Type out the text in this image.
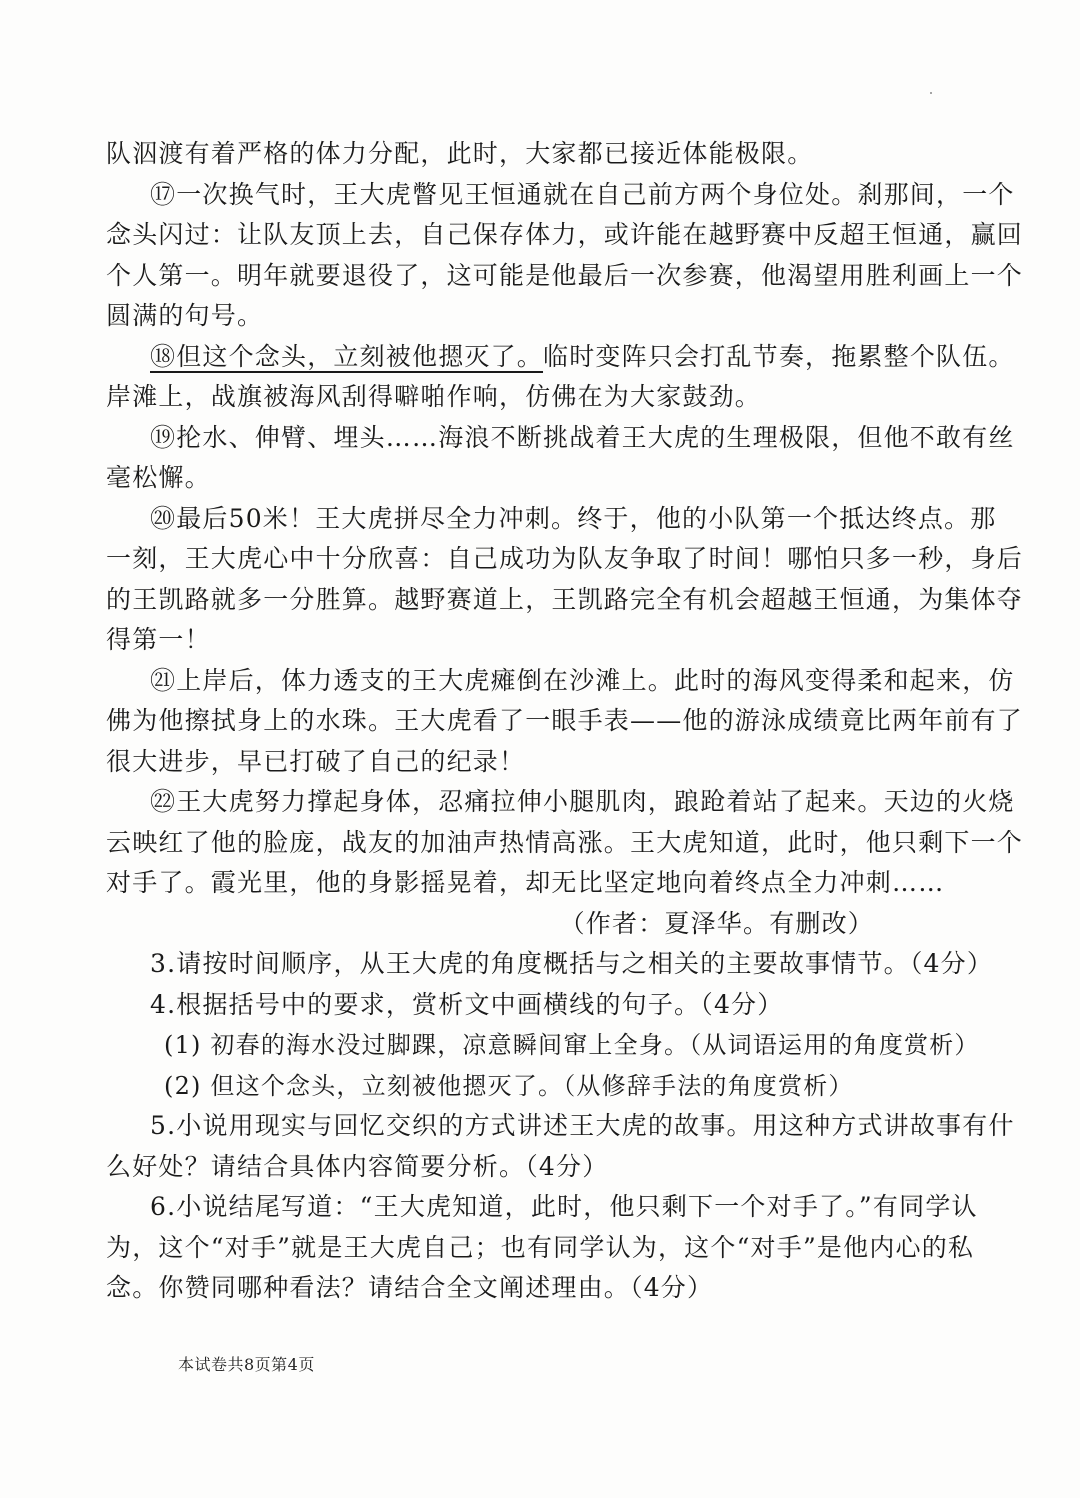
队泅渡有着严格的体力分配，此时，大家都已接近体能极限。
⑰一次换气时，王大虎瞥见王恒通就在自己前方两个身位处。刹那间，一个
念头闪过：让队友顶上去，自己保存体力，或许能在越野赛中反超王恒通，赢回
个人第一。明年就要退役了，这可能是他最后一次参赛，他渴望用胜利画上一个
圆满的句号。
⑱但这个念头，立刻被他摁灭了。临时变阵只会打乱节奏，拖累整个队伍。
岸滩上，战旗被海风刮得噼啪作响，仿佛在为大家鼓劲。
⑲抡水、伸臂、埋头……海浪不断挑战着王大虎的生理极限，但他不敢有丝
毫松懈。
⑳最后50米！王大虎拼尽全力冲刺。终于，他的小队第一个抵达终点。那
一刻，王大虎心中十分欣喜：自己成功为队友争取了时间！哪怕只多一秒，身后
的王凯路就多一分胜算。越野赛道上，王凯路完全有机会超越王恒通，为集体夺
得第一！
㉑上岸后，体力透支的王大虎瘫倒在沙滩上。此时的海风变得柔和起来，仿
佛为他擦拭身上的水珠。王大虎看了一眼手表——他的游泳成绩竟比两年前有了
很大进步，早已打破了自己的纪录！
㉒王大虎努力撑起身体，忍痛拉伸小腿肌肉，踉跄着站了起来。天边的火烧
云映红了他的脸庞，战友的加油声热情高涨。王大虎知道，此时，他只剩下一个
对手了。霞光里，他的身影摇晃着，却无比坚定地向着终点全力冲刺……
（作者：夏泽华。有删改）
3.请按时间顺序，从王大虎的角度概括与之相关的主要故事情节。（4分）
4.根据括号中的要求，赏析文中画横线的句子。（4分）
(1) 初春的海水没过脚踝，凉意瞬间窜上全身。（从词语运用的角度赏析）
(2) 但这个念头，立刻被他摁灭了。（从修辞手法的角度赏析）
5.小说用现实与回忆交织的方式讲述王大虎的故事。用这种方式讲故事有什
么好处？请结合具体内容简要分析。（4分）
6.小说结尾写道：“王大虎知道，此时，他只剩下一个对手了。”有同学认
为，这个“对手”就是王大虎自己；也有同学认为，这个“对手”是他内心的私
念。你赞同哪种看法？请结合全文阐述理由。（4分）
本试卷共8页第4页
